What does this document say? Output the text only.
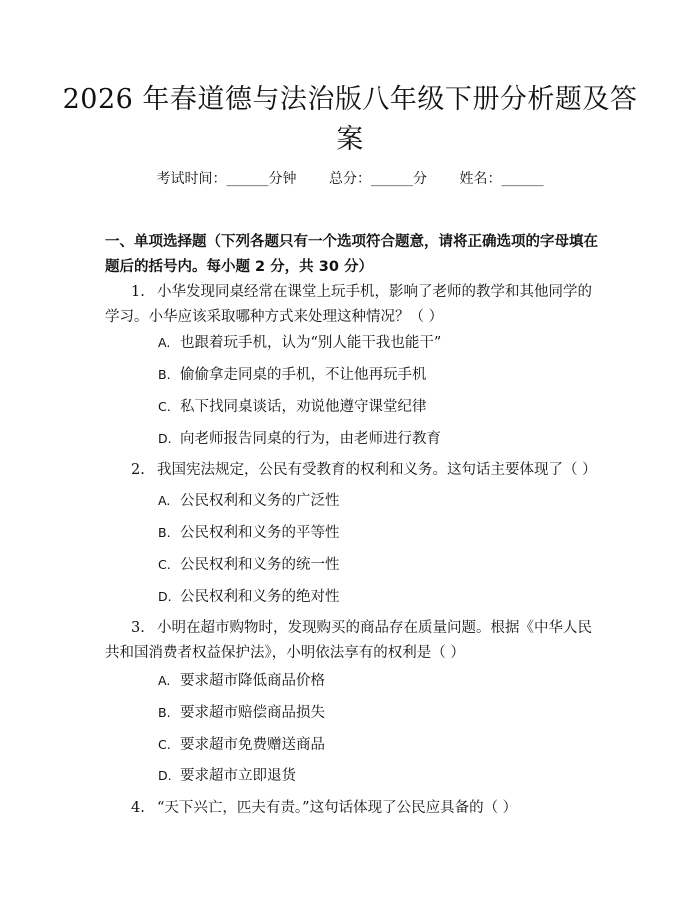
2026 年春道德与法治版八年级下册分析题及答案
考试时间：______分钟 总分：______分 姓名：______
一、单项选择题（下列各题只有一个选项符合题意，请将正确选项的字母填在题后的括号内。每小题 2 分，共 30 分）
1. 小华发现同桌经常在课堂上玩手机，影响了老师的教学和其他同学的学习。小华应该采取哪种方式来处理这种情况？（ ）
A. 也跟着玩手机，认为“别人能干我也能干”
B. 偷偷拿走同桌的手机，不让他再玩手机
C. 私下找同桌谈话，劝说他遵守课堂纪律
D. 向老师报告同桌的行为，由老师进行教育
2. 我国宪法规定，公民有受教育的权利和义务。这句话主要体现了（ ）
A. 公民权利和义务的广泛性
B. 公民权利和义务的平等性
C. 公民权利和义务的统一性
D. 公民权利和义务的绝对性
3. 小明在超市购物时，发现购买的商品存在质量问题。根据《中华人民共和国消费者权益保护法》，小明依法享有的权利是（ ）
A. 要求超市降低商品价格
B. 要求超市赔偿商品损失
C. 要求超市免费赠送商品
D. 要求超市立即退货
4. “天下兴亡，匹夫有责。”这句话体现了公民应具备的（ ）
